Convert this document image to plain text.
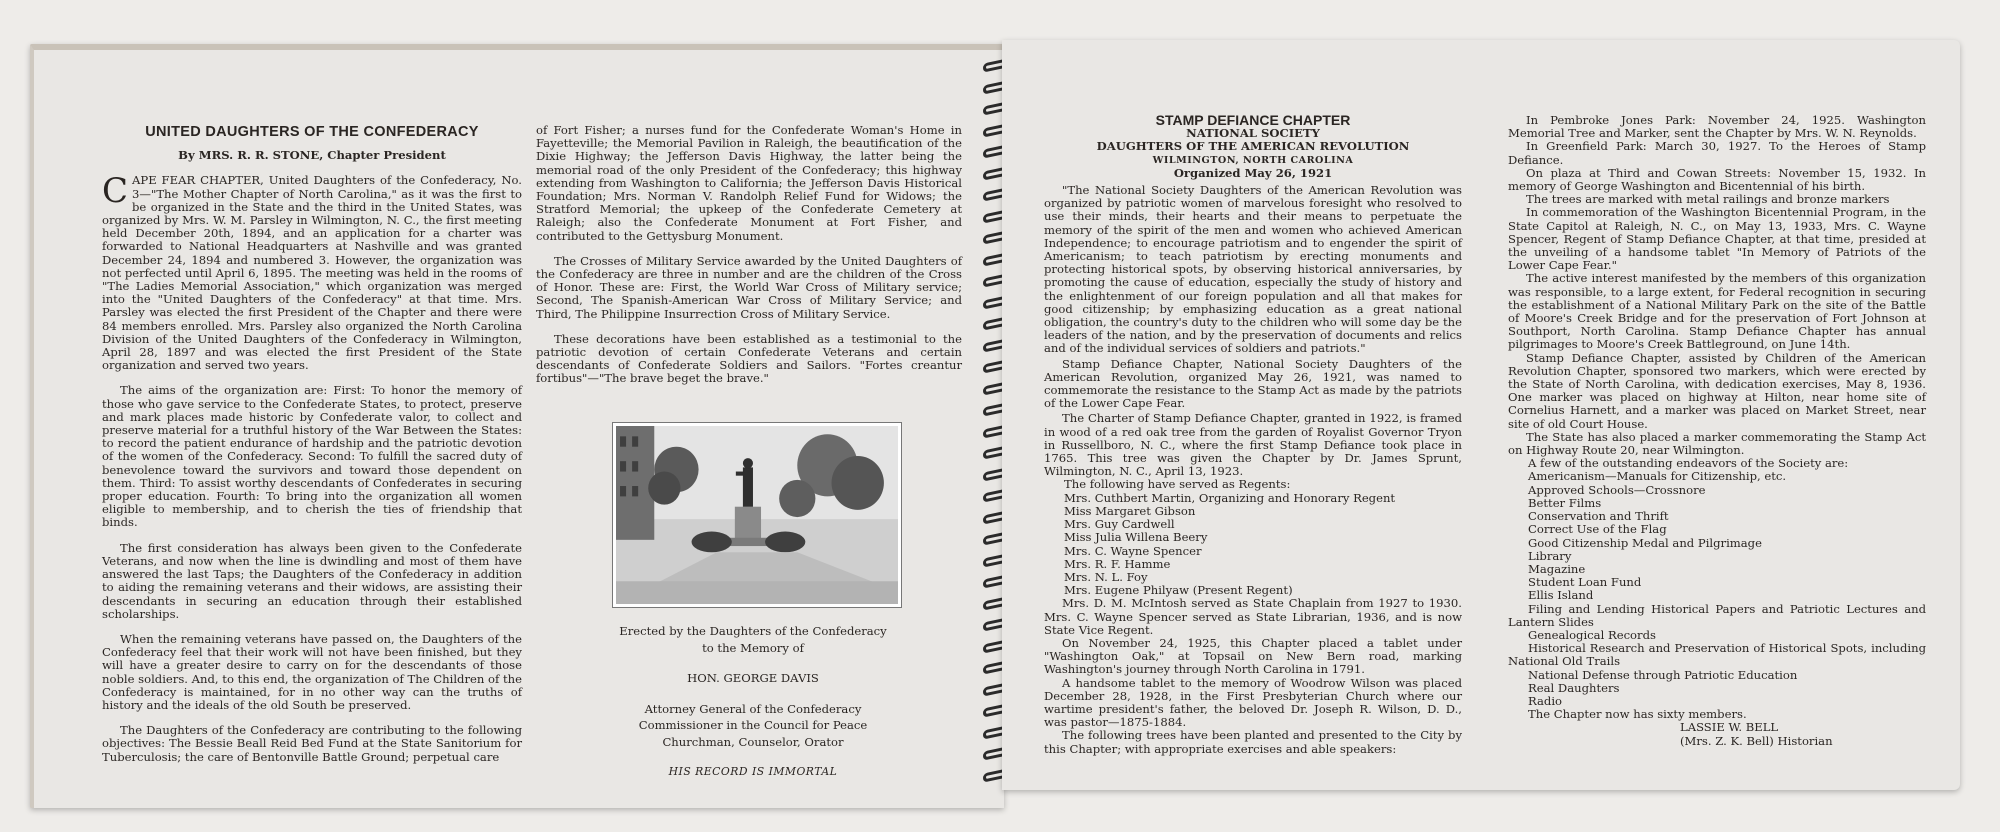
UNITED DAUGHTERS OF THE CONFEDERACY
By MRS. R. R. STONE, Chapter President

CAPE FEAR CHAPTER, United Daughters of the Confederacy, No. 3—"The Mother Chapter of North Carolina," as it was the first to be organized in the State and the third in the United States, was organized by Mrs. W. M. Parsley in Wilmington, N. C., the first meeting held December 20th, 1894, and an application for a charter was forwarded to National Headquarters at Nashville and was granted December 24, 1894 and numbered 3. However, the organization was not perfected until April 6, 1895. The meeting was held in the rooms of "The Ladies Memorial Association," which organization was merged into the "United Daughters of the Confederacy" at that time. Mrs. Parsley was elected the first President of the Chapter and there were 84 members enrolled. Mrs. Parsley also organized the North Carolina Division of the United Daughters of the Confederacy in Wilmington, April 28, 1897 and was elected the first President of the State organization and served two years.

The aims of the organization are: First: To honor the memory of those who gave service to the Confederate States, to protect, preserve and mark places made historic by Confederate valor, to collect and preserve material for a truthful history of the War Between the States: to record the patient endurance of hardship and the patriotic devotion of the women of the Confederacy. Second: To fulfill the sacred duty of benevolence toward the survivors and toward those dependent on them. Third: To assist worthy descendants of Confederates in securing proper education. Fourth: To bring into the organization all women eligible to membership, and to cherish the ties of friendship that binds.

The first consideration has always been given to the Confederate Veterans, and now when the line is dwindling and most of them have answered the last Taps; the Daughters of the Confederacy in addition to aiding the remaining veterans and their widows, are assisting their descendants in securing an education through their established scholarships.

When the remaining veterans have passed on, the Daughters of the Confederacy feel that their work will not have been finished, but they will have a greater desire to carry on for the descendants of those noble soldiers. And, to this end, the organization of The Children of the Confederacy is maintained, for in no other way can the truths of history and the ideals of the old South be preserved.

The Daughters of the Confederacy are contributing to the following objectives: The Bessie Beall Reid Bed Fund at the State Sanitorium for Tuberculosis; the care of Bentonville Battle Ground; perpetual care

of Fort Fisher; a nurses fund for the Confederate Woman's Home in Fayetteville; the Memorial Pavilion in Raleigh, the beautification of the Dixie Highway; the Jefferson Davis Highway, the latter being the memorial road of the only President of the Confederacy; this highway extending from Washington to California; the Jefferson Davis Historical Foundation; Mrs. Norman V. Randolph Relief Fund for Widows; the Stratford Memorial; the upkeep of the Confederate Cemetery at Raleigh; also the Confederate Monument at Fort Fisher, and contributed to the Gettysburg Monument.

The Crosses of Military Service awarded by the United Daughters of the Confederacy are three in number and are the children of the Cross of Honor. These are: First, the World War Cross of Military service; Second, The Spanish-American War Cross of Military Service; and Third, The Philippine Insurrection Cross of Military Service.

These decorations have been established as a testimonial to the patriotic devotion of certain Confederate Veterans and certain descendants of Confederate Soldiers and Sailors. "Fortes creantur fortibus"—"The brave beget the brave."

Erected by the Daughters of the Confederacy
to the Memory of
HON. GEORGE DAVIS
Attorney General of the Confederacy
Commissioner in the Council for Peace
Churchman, Counselor, Orator
HIS RECORD IS IMMORTAL
STAMP DEFIANCE CHAPTER
NATIONAL SOCIETY
DAUGHTERS OF THE AMERICAN REVOLUTION
WILMINGTON, NORTH CAROLINA
Organized May 26, 1921

"The National Society Daughters of the American Revolution was organized by patriotic women of marvelous foresight who resolved to use their minds, their hearts and their means to perpetuate the memory of the spirit of the men and women who achieved American Independence; to encourage patriotism and to engender the spirit of Americanism; to teach patriotism by erecting monuments and protecting historical spots, by observing historical anniversaries, by promoting the cause of education, especially the study of history and the enlightenment of our foreign population and all that makes for good citizenship; by emphasizing education as a great national obligation, the country's duty to the children who will some day be the leaders of the nation, and by the preservation of documents and relics and of the individual services of soldiers and patriots."

Stamp Defiance Chapter, National Society Daughters of the American Revolution, organized May 26, 1921, was named to commemorate the resistance to the Stamp Act as made by the patriots of the Lower Cape Fear.

The Charter of Stamp Defiance Chapter, granted in 1922, is framed in wood of a red oak tree from the garden of Royalist Governor Tryon in Russellboro, N. C., where the first Stamp Defiance took place in 1765. This tree was given the Chapter by Dr. James Sprunt, Wilmington, N. C., April 13, 1923.

The following have served as Regents:
Mrs. Cuthbert Martin, Organizing and Honorary Regent
Miss Margaret Gibson
Mrs. Guy Cardwell
Miss Julia Willena Beery
Mrs. C. Wayne Spencer
Mrs. R. F. Hamme
Mrs. N. L. Foy
Mrs. Eugene Philyaw (Present Regent)

Mrs. D. M. McIntosh served as State Chaplain from 1927 to 1930. Mrs. C. Wayne Spencer served as State Librarian, 1936, and is now State Vice Regent.

On November 24, 1925, this Chapter placed a tablet under "Washington Oak," at Topsail on New Bern road, marking Washington's journey through North Carolina in 1791.

A handsome tablet to the memory of Woodrow Wilson was placed December 28, 1928, in the First Presbyterian Church where our wartime president's father, the beloved Dr. Joseph R. Wilson, D. D., was pastor—1875-1884.

The following trees have been planted and presented to the City by this Chapter; with appropriate exercises and able speakers:

In Pembroke Jones Park: November 24, 1925. Washington Memorial Tree and Marker, sent the Chapter by Mrs. W. N. Reynolds.

In Greenfield Park: March 30, 1927. To the Heroes of Stamp Defiance.

On plaza at Third and Cowan Streets: November 15, 1932. In memory of George Washington and Bicentennial of his birth.

The trees are marked with metal railings and bronze markers

In commemoration of the Washington Bicentennial Program, in the State Capitol at Raleigh, N. C., on May 13, 1933, Mrs. C. Wayne Spencer, Regent of Stamp Defiance Chapter, at that time, presided at the unveiling of a handsome tablet "In Memory of Patriots of the Lower Cape Fear."

The active interest manifested by the members of this organization was responsible, to a large extent, for Federal recognition in securing the establishment of a National Military Park on the site of the Battle of Moore's Creek Bridge and for the preservation of Fort Johnson at Southport, North Carolina. Stamp Defiance Chapter has annual pilgrimages to Moore's Creek Battleground, on June 14th.

Stamp Defiance Chapter, assisted by Children of the American Revolution Chapter, sponsored two markers, which were erected by the State of North Carolina, with dedication exercises, May 8, 1936. One marker was placed on highway at Hilton, near home site of Cornelius Harnett, and a marker was placed on Market Street, near site of old Court House.

The State has also placed a marker commemorating the Stamp Act on Highway Route 20, near Wilmington.

A few of the outstanding endeavors of the Society are:
Americanism—Manuals for Citizenship, etc.
Approved Schools—Crossnore
Better Films
Conservation and Thrift
Correct Use of the Flag
Good Citizenship Medal and Pilgrimage
Library
Magazine
Student Loan Fund
Ellis Island

Filing and Lending Historical Papers and Patriotic Lectures and Lantern Slides

Genealogical Records

Historical Research and Preservation of Historical Spots, including National Old Trails

National Defense through Patriotic Education
Real Daughters
Radio
The Chapter now has sixty members.
LASSIE W. BELL
(Mrs. Z. K. Bell) Historian
